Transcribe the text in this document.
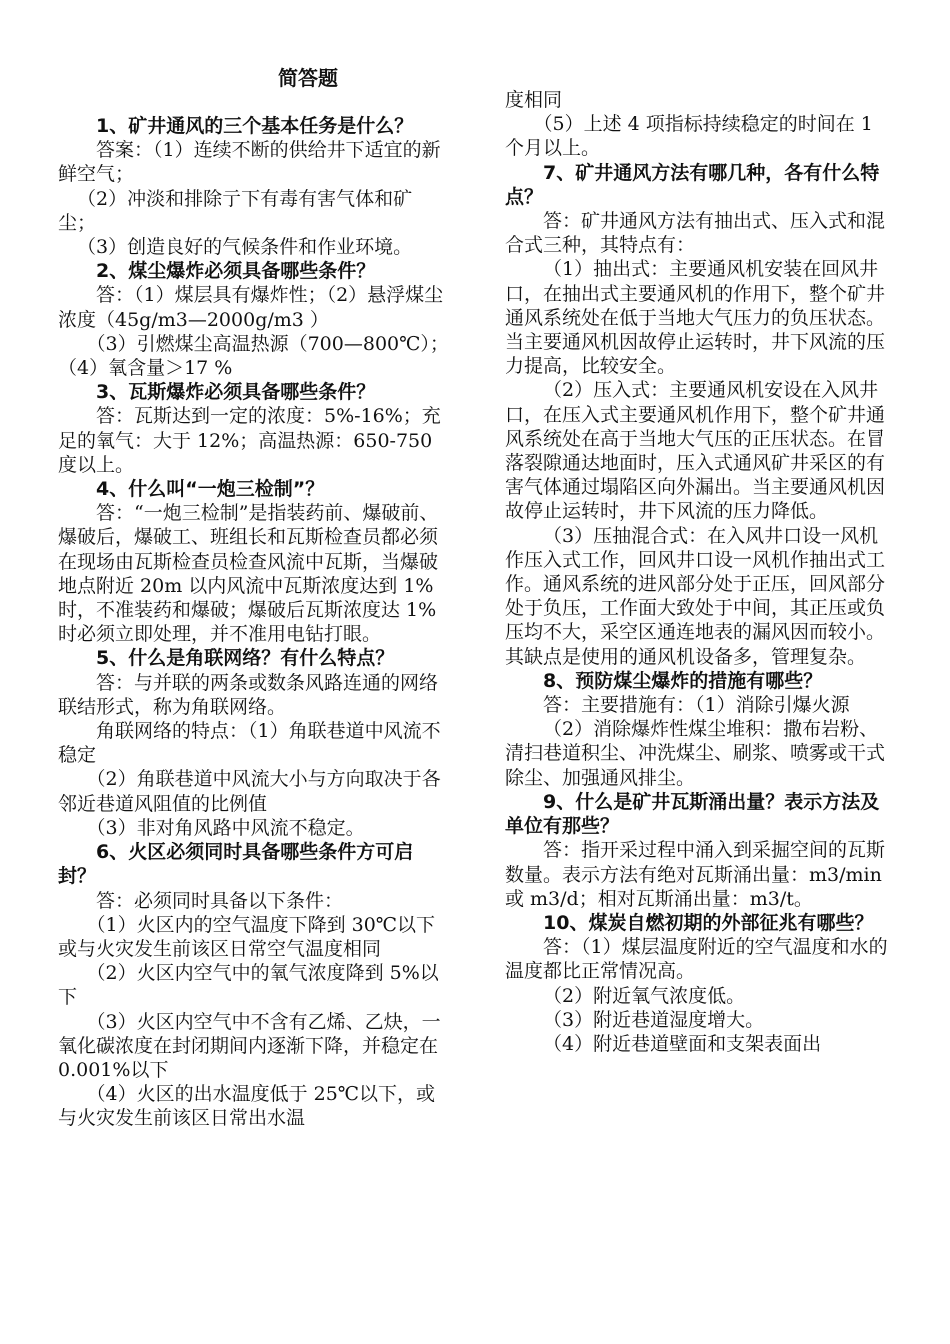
简答题

1、矿井通风的三个基本任务是什么？

答案：（1）连续不断的供给井下适宜的新鲜空气；

（2）冲淡和排除亍下有毒有害气体和矿尘；

（3）创造良好的气候条件和作业环境。

2、煤尘爆炸必须具备哪些条件？

答：（1）煤层具有爆炸性；（2）悬浮煤尘浓度（45g/m3—2000g/m3 ）

（3）引燃煤尘高温热源（700—800℃）；（4）氧含量＞17 %

3、瓦斯爆炸必须具备哪些条件？

答：瓦斯达到一定的浓度：5%-16%；充足的氧气：大于 12%；高温热源：650-750 度以上。

4、什么叫“一炮三检制”？

答：“一炮三检制”是指装药前、爆破前、爆破后，爆破工、班组长和瓦斯检查员都必须在现场由瓦斯检查员检查风流中瓦斯，当爆破地点附近 20m 以内风流中瓦斯浓度达到 1%时，不准装药和爆破；爆破后瓦斯浓度达 1%　时必须立即处理，并不准用电钻打眼。

5、什么是角联网络？有什么特点？

答：与并联的两条或数条风路连通的网络联结形式，称为角联网络。

角联网络的特点：（1）角联巷道中风流不稳定

（2）角联巷道中风流大小与方向取决于各邻近巷道风阻值的比例值

（3）非对角风路中风流不稳定。

6、火区必须同时具备哪些条件方可启封？

答：必须同时具备以下条件：

（1）火区内的空气温度下降到 30℃以下或与火灾发生前该区日常空气温度相同

（2）火区内空气中的氧气浓度降到 5%以下

（3）火区内空气中不含有乙烯、乙炔，一氧化碳浓度在封闭期间内逐渐下降，并稳定在 0.001%以下

（4）火区的出水温度低于 25℃以下，或与火灾发生前该区日常出水温

度相同

（5）上述 4 项指标持续稳定的时间在 1 个月以上。

7、矿井通风方法有哪几种，各有什么特点？

答：矿井通风方法有抽出式、压入式和混合式三种，其特点有：

（1）抽出式：主要通风机安装在回风井口，在抽出式主要通风机的作用下，整个矿井通风系统处在低于当地大气压力的负压状态。当主要通风机因故停止运转时，井下风流的压力提高，比较安全。

（2）压入式：主要通风机安设在入风井口，在压入式主要通风机作用下，整个矿井通风系统处在高于当地大气压的正压状态。在冒落裂隙通达地面时，压入式通风矿井采区的有害气体通过塌陷区向外漏出。当主要通风机因故停止运转时，井下风流的压力降低。

（3）压抽混合式：在入风井口设一风机作压入式工作，回风井口设一风机作抽出式工作。通风系统的进风部分处于正压，回风部分处于负压，工作面大致处于中间，其正压或负压均不大，采空区通连地表的漏风因而较小。其缺点是使用的通风机设备多，管理复杂。

8、预防煤尘爆炸的措施有哪些？

答：主要措施有：（1）消除引爆火源

（2）消除爆炸性煤尘堆积：撒布岩粉、清扫巷道积尘、冲洗煤尘、刷浆、喷雾或干式除尘、加强通风排尘。

9、什么是矿井瓦斯涌出量？表示方法及单位有那些？

答：指开采过程中涌入到采掘空间的瓦斯数量。表示方法有绝对瓦斯涌出量：m3/min 或 m3/d；相对瓦斯涌出量：m3/t。

10、煤炭自燃初期的外部征兆有哪些？

答：（1）煤层温度附近的空气温度和水的温度都比正常情况高。

（2）附近氧气浓度低。

（3）附近巷道湿度增大。

（4）附近巷道壁面和支架表面出
